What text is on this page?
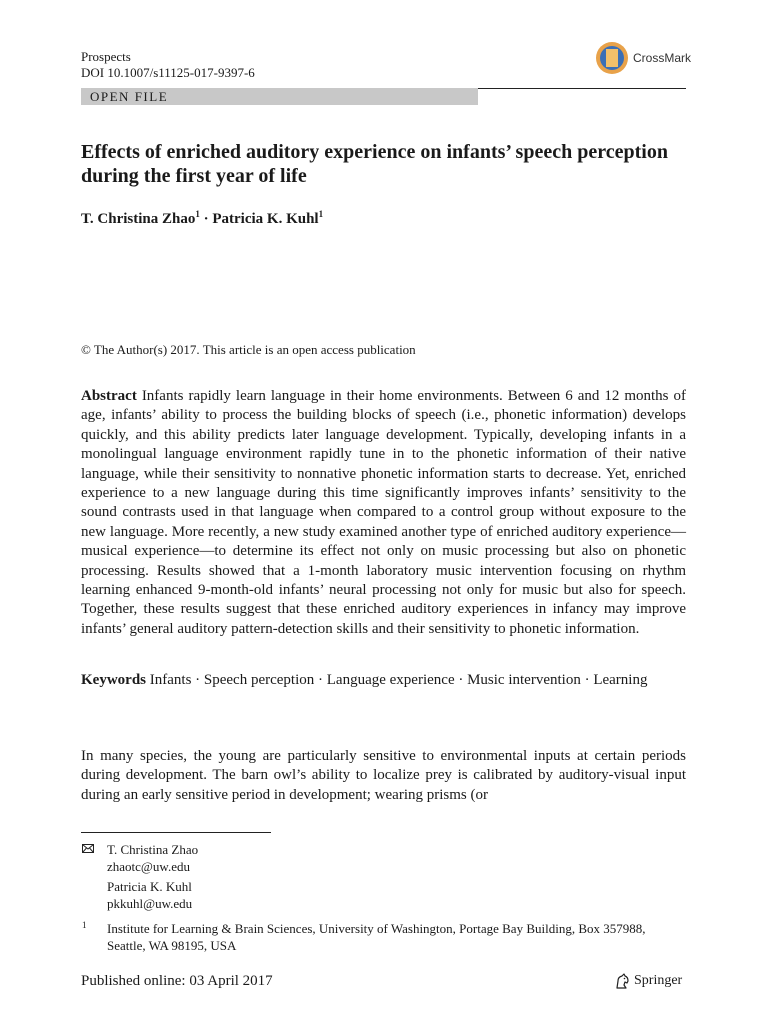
Prospects
DOI 10.1007/s11125-017-9397-6
CrossMark
OPEN FILE
Effects of enriched auditory experience on infants’ speech perception during the first year of life
T. Christina Zhao$^1$ · Patricia K. Kuhl$^1$
© The Author(s) 2017. This article is an open access publication

Abstract Infants rapidly learn language in their home environments. Between 6 and 12 months of age, infants’ ability to process the building blocks of speech (i.e., phonetic information) develops quickly, and this ability predicts later language development. Typically, developing infants in a monolingual language environment rapidly tune in to the phonetic information of their native language, while their sensitivity to nonnative phonetic information starts to decrease. Yet, enriched experience to a new language during this time significantly improves infants’ sensitivity to the sound contrasts used in that language when compared to a control group without exposure to the new language. More recently, a new study examined another type of enriched auditory experience—musical experience—to determine its effect not only on music processing but also on phonetic processing. Results showed that a 1-month laboratory music intervention focusing on rhythm learning enhanced 9-month-old infants’ neural processing not only for music but also for speech. Together, these results suggest that these enriched auditory experiences in infancy may improve infants’ general auditory pattern-detection skills and their sensitivity to phonetic information.

Keywords Infants · Speech perception · Language experience · Music intervention · Learning

In many species, the young are particularly sensitive to environmental inputs at certain periods during development. The barn owl’s ability to localize prey is calibrated by auditory-visual input during an early sensitive period in development; wearing prisms (or

T. Christina Zhao
zhaotc@uw.edu
Patricia K. Kuhl
pkkuhl@uw.edu
1 Institute for Learning & Brain Sciences, University of Washington, Portage Bay Building, Box 357988, Seattle, WA 98195, USA
Published online: 03 April 2017	Springer
